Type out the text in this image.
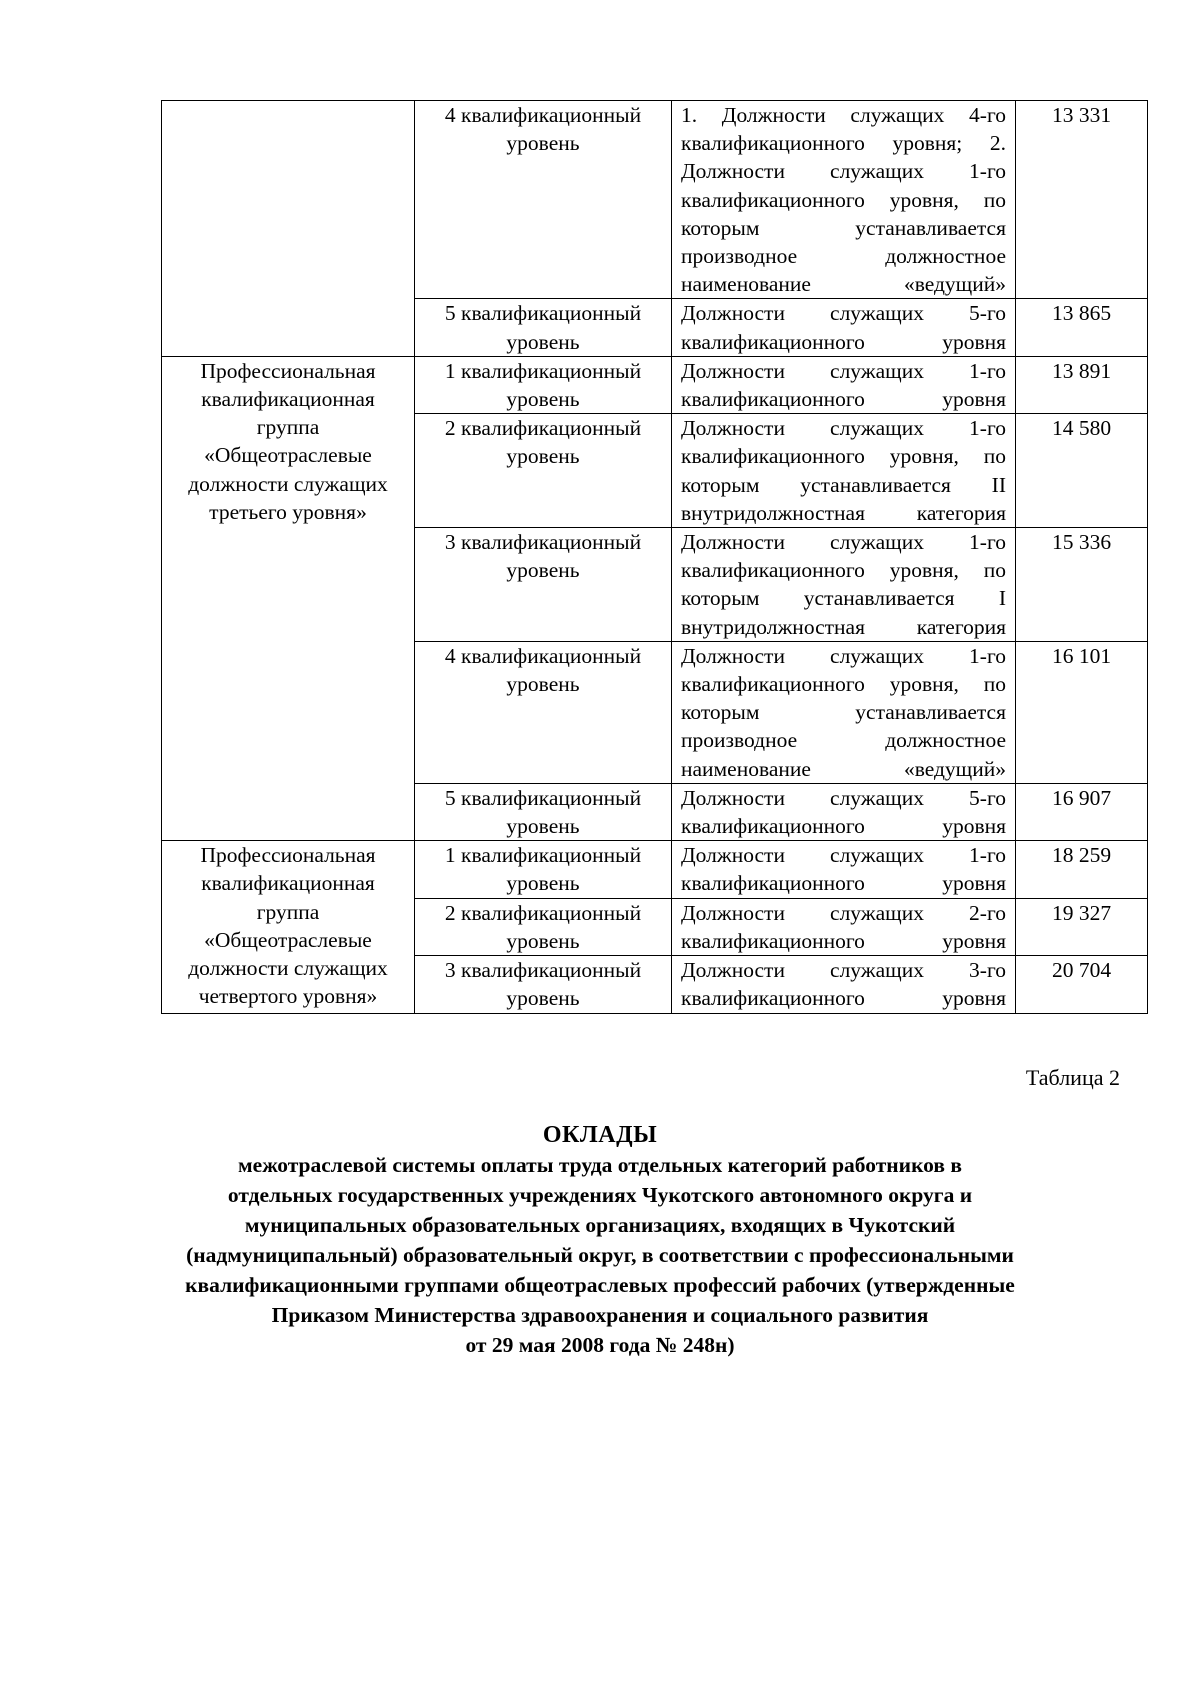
	4 квалификационный уровень	1. Должности служащих 4-го квалификационного уровня; 2. Должности служащих 1-го квалификационного уровня, по которым устанавливается производное должностное наименование «ведущий»	13 331
	5 квалификационный уровень	Должности служащих 5-го квалификационного уровня	13 865
Профессиональная квалификационная группа «Общеотраслевые должности служащих третьего уровня»	1 квалификационный уровень	Должности служащих 1-го квалификационного уровня	13 891
	2 квалификационный уровень	Должности служащих 1-го квалификационного уровня, по которым устанавливается II внутридолжностная категория	14 580
	3 квалификационный уровень	Должности служащих 1-го квалификационного уровня, по которым устанавливается I внутридолжностная категория	15 336
	4 квалификационный уровень	Должности служащих 1-го квалификационного уровня, по которым устанавливается производное должностное наименование «ведущий»	16 101
	5 квалификационный уровень	Должности служащих 5-го квалификационного уровня	16 907
Профессиональная квалификационная группа «Общеотраслевые должности служащих четвертого уровня»	1 квалификационный уровень	Должности служащих 1-го квалификационного уровня	18 259
	2 квалификационный уровень	Должности служащих 2-го квалификационного уровня	19 327
	3 квалификационный уровень	Должности служащих 3-го квалификационного уровня	20 704
Таблица 2
ОКЛАДЫ
межотраслевой системы оплаты труда отдельных категорий работников в
отдельных государственных учреждениях Чукотского автономного округа и
муниципальных образовательных организациях, входящих в Чукотский
(надмуниципальный) образовательный округ, в соответствии с профессиональными
квалификационными группами общеотраслевых профессий рабочих (утвержденные
Приказом Министерства здравоохранения и социального развития
от 29 мая 2008 года № 248н)
